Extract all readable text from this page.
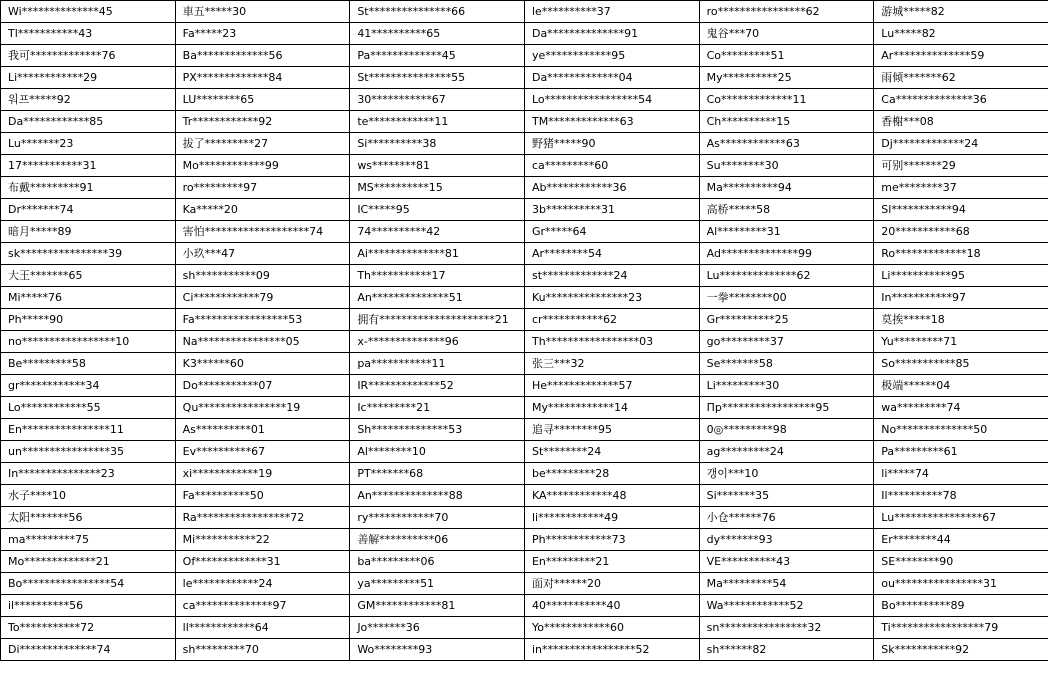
Wi**************45	車五*****30	St***************66	le**********37	ro****************62	游城*****82
Tl***********43	Fa*****23	41**********65	Da**************91	鬼谷***70	Lu*****82
我可*************76	Ba*************56	Pa*************45	ye************95	Co*********51	Ar**************59
Li************29	PX*************84	St***************55	Da*************04	My**********25	雨倾*******62
워프*****92	LU********65	30***********67	Lo*****************54	Co*************11	Ca**************36
Da************85	Tr************92	te************11	TM*************63	Ch**********15	香榭***08
Lu*******23	拔了*********27	Si**********38	野猪*****90	As************63	Dj*************24
17***********31	Mo************99	ws********81	ca*********60	Su********30	可别*******29
布戴*********91	ro*********97	MS**********15	Ab************36	Ma**********94	me********37
Dr*******74	Ka*****20	IC*****95	3b**********31	高桥*****58	Sl***********94
暗月*****89	害怕*******************74	74**********42	Gr*****64	Al*********31	20***********68
sk****************39	小玖***47	Ai**************81	Ar********54	Ad**************99	Ro*************18
大王*******65	sh***********09	Th***********17	st*************24	Lu**************62	Li***********95
Mi*****76	Ci************79	An**************51	Ku***************23	一拳********00	In***********97
Ph*****90	Fa*****************53	拥有*********************21	cr***********62	Gr**********25	莫挨*****18
no*****************10	Na****************05	x-**************96	Th*****************03	go*********37	Yu*********71
Be*********58	K3******60	pa***********11	张三***32	Se*******58	So***********85
gr************34	Do***********07	IR*************52	He*************57	Li*********30	极端******04
Lo************55	Qu****************19	Ic*********21	My************14	Пр*****************95	wa*********74
En****************11	As**********01	Sh**************53	追寻********95	0◎*********98	No**************50
un****************35	Ev**********67	Al********10	St********24	ag*********24	Pa*********61
In***************23	xi************19	PT*******68	be*********28	갱이***10	li*****74
水子****10	Fa**********50	An**************88	KA************48	Si*******35	Il**********78
太阳*******56	Ra*****************72	ry************70	li************49	小仓******76	Lu****************67
ma*********75	Mi***********22	善解**********06	Ph************73	dy*******93	Er********44
Mo*************21	Of*************31	ba*********06	En*********21	VE**********43	SE********90
Bo****************54	le************24	ya*********51	面对******20	Ma*********54	ou****************31
il**********56	ca**************97	GM************81	40***********40	Wa************52	Bo**********89
To***********72	ll************64	Jo*******36	Yo************60	sn****************32	Ti*****************79
Di**************74	sh*********70	Wo********93	in*****************52	sh******82	Sk***********92
